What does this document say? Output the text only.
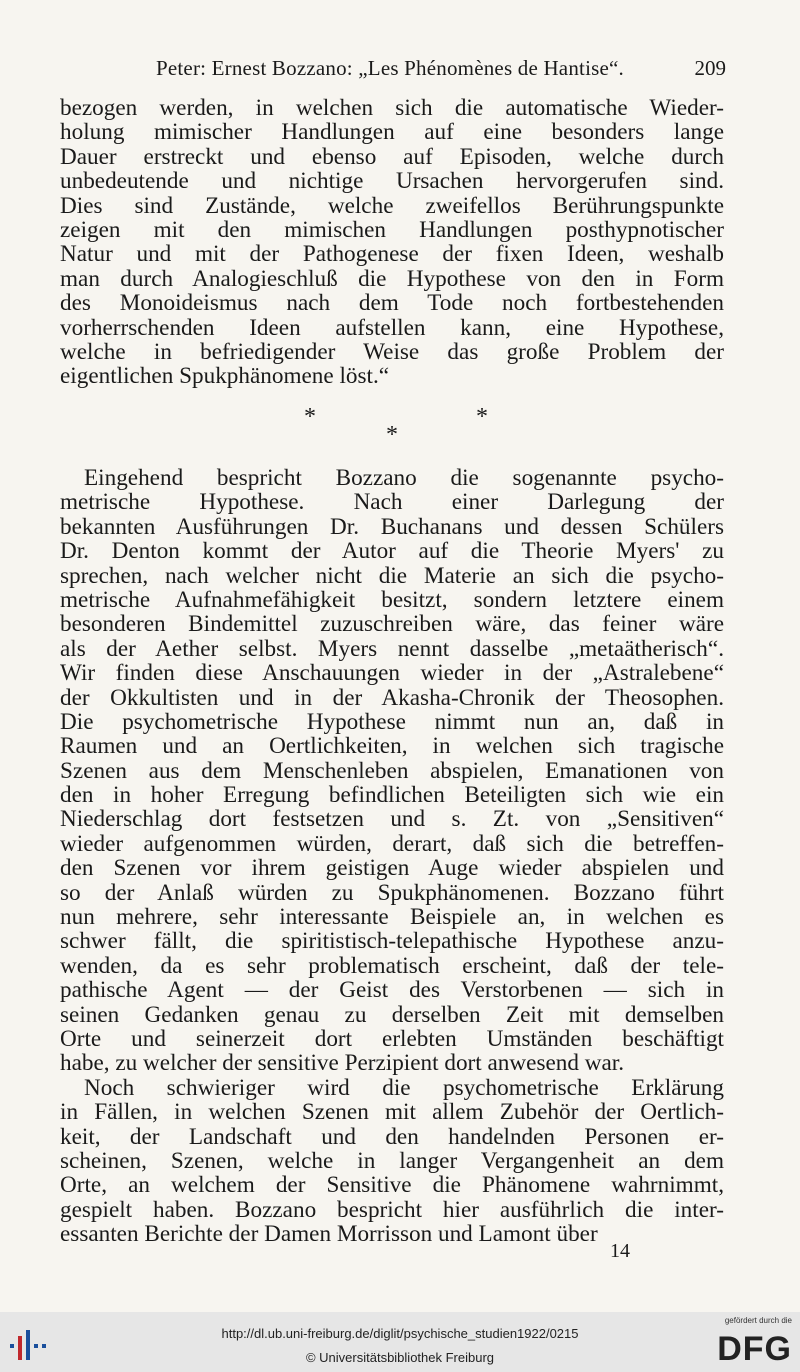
Peter: Ernest Bozzano: „Les Phénomènes de Hantise“.	209
bezogen werden, in welchen sich die automatische Wieder-
holung mimischer Handlungen auf eine besonders lange
Dauer erstreckt und ebenso auf Episoden, welche durch
unbedeutende und nichtige Ursachen hervorgerufen sind.
Dies sind Zustände, welche zweifellos Berührungspunkte
zeigen mit den mimischen Handlungen posthypnotischer
Natur und mit der Pathogenese der fixen Ideen, weshalb
man durch Analogieschluß die Hypothese von den in Form
des Monoideismus nach dem Tode noch fortbestehenden
vorherrschenden Ideen aufstellen kann, eine Hypothese,
welche in befriedigender Weise das große Problem der
eigentlichen Spukphänomene löst.“
*	*
*
Eingehend bespricht Bozzano die sogenannte psycho-
metrische Hypothese. Nach einer Darlegung der
bekannten Ausführungen Dr. Buchanans und dessen Schülers
Dr. Denton kommt der Autor auf die Theorie Myers' zu
sprechen, nach welcher nicht die Materie an sich die psycho-
metrische Aufnahmefähigkeit besitzt, sondern letztere einem
besonderen Bindemittel zuzuschreiben wäre, das feiner wäre
als der Aether selbst. Myers nennt dasselbe „metaätherisch“.
Wir finden diese Anschauungen wieder in der „Astralebene“
der Okkultisten und in der Akasha-Chronik der Theosophen.
Die psychometrische Hypothese nimmt nun an, daß in
Raumen und an Oertlichkeiten, in welchen sich tragische
Szenen aus dem Menschenleben abspielen, Emanationen von
den in hoher Erregung befindlichen Beteiligten sich wie ein
Niederschlag dort festsetzen und s. Zt. von „Sensitiven“
wieder aufgenommen würden, derart, daß sich die betreffen-
den Szenen vor ihrem geistigen Auge wieder abspielen und
so der Anlaß würden zu Spukphänomenen. Bozzano führt
nun mehrere, sehr interessante Beispiele an, in welchen es
schwer fällt, die spiritistisch-telepathische Hypothese anzu-
wenden, da es sehr problematisch erscheint, daß der tele-
pathische Agent — der Geist des Verstorbenen — sich in
seinen Gedanken genau zu derselben Zeit mit demselben
Orte und seinerzeit dort erlebten Umständen beschäftigt
habe, zu welcher der sensitive Perzipient dort anwesend war.
Noch schwieriger wird die psychometrische Erklärung
in Fällen, in welchen Szenen mit allem Zubehör der Oertlich-
keit, der Landschaft und den handelnden Personen er-
scheinen, Szenen, welche in langer Vergangenheit an dem
Orte, an welchem der Sensitive die Phänomene wahrnimmt,
gespielt haben. Bozzano bespricht hier ausführlich die inter-
essanten Berichte der Damen Morrisson und Lamont über
14
http://dl.ub.uni-freiburg.de/diglit/psychische_studien1922/0215
© Universitätsbibliothek Freiburg
gefördert durch die
DFG
